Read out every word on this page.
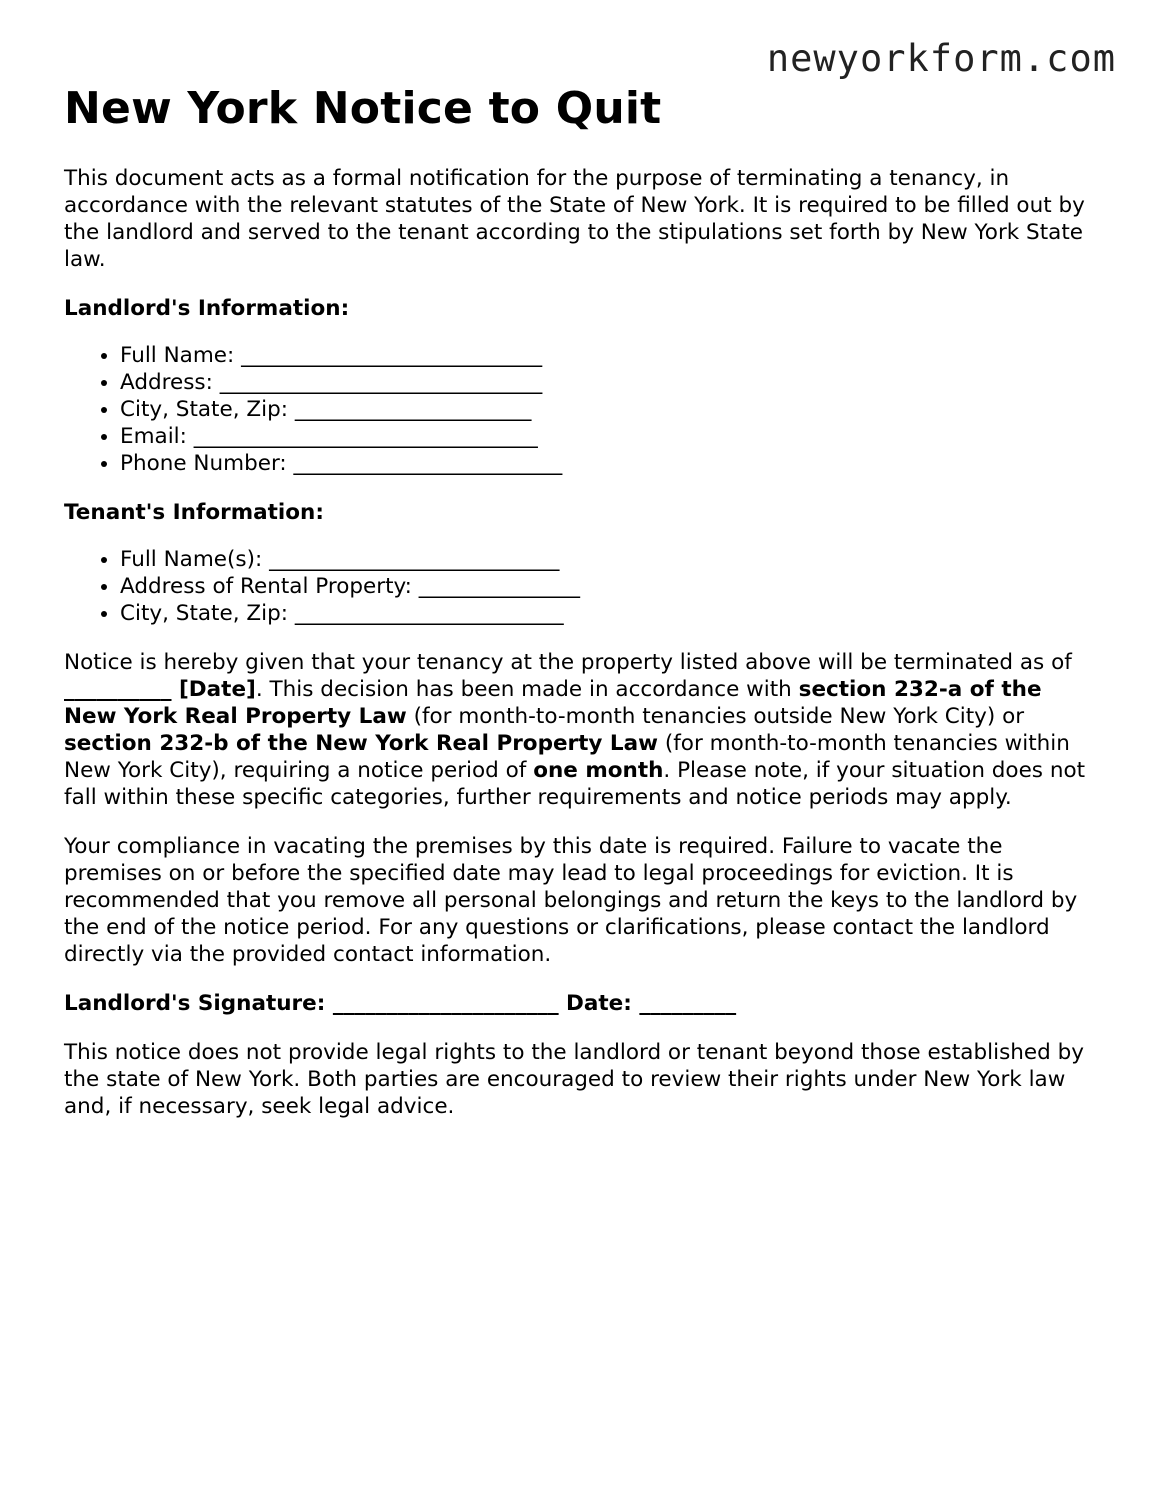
newyorkform.com
New York Notice to Quit

This document acts as a formal notification for the purpose of terminating a tenancy, in accordance with the relevant statutes of the State of New York. It is required to be filled out by the landlord and served to the tenant according to the stipulations set forth by New York State law.

Landlord's Information:

• Full Name: ____________________________
• Address: ______________________________
• City, State, Zip: ______________________
• Email: ________________________________
• Phone Number: _________________________

Tenant's Information:

• Full Name(s): ___________________________
• Address of Rental Property: _______________
• City, State, Zip: _________________________

Notice is hereby given that your tenancy at the property listed above will be terminated as of __________ [Date]. This decision has been made in accordance with section 232-a of the New York Real Property Law (for month-to-month tenancies outside New York City) or section 232-b of the New York Real Property Law (for month-to-month tenancies within New York City), requiring a notice period of one month. Please note, if your situation does not fall within these specific categories, further requirements and notice periods may apply.

Your compliance in vacating the premises by this date is required. Failure to vacate the premises on or before the specified date may lead to legal proceedings for eviction. It is recommended that you remove all personal belongings and return the keys to the landlord by the end of the notice period. For any questions or clarifications, please contact the landlord directly via the provided contact information.

Landlord's Signature: _____________________ Date: _________

This notice does not provide legal rights to the landlord or tenant beyond those established by the state of New York. Both parties are encouraged to review their rights under New York law and, if necessary, seek legal advice.
